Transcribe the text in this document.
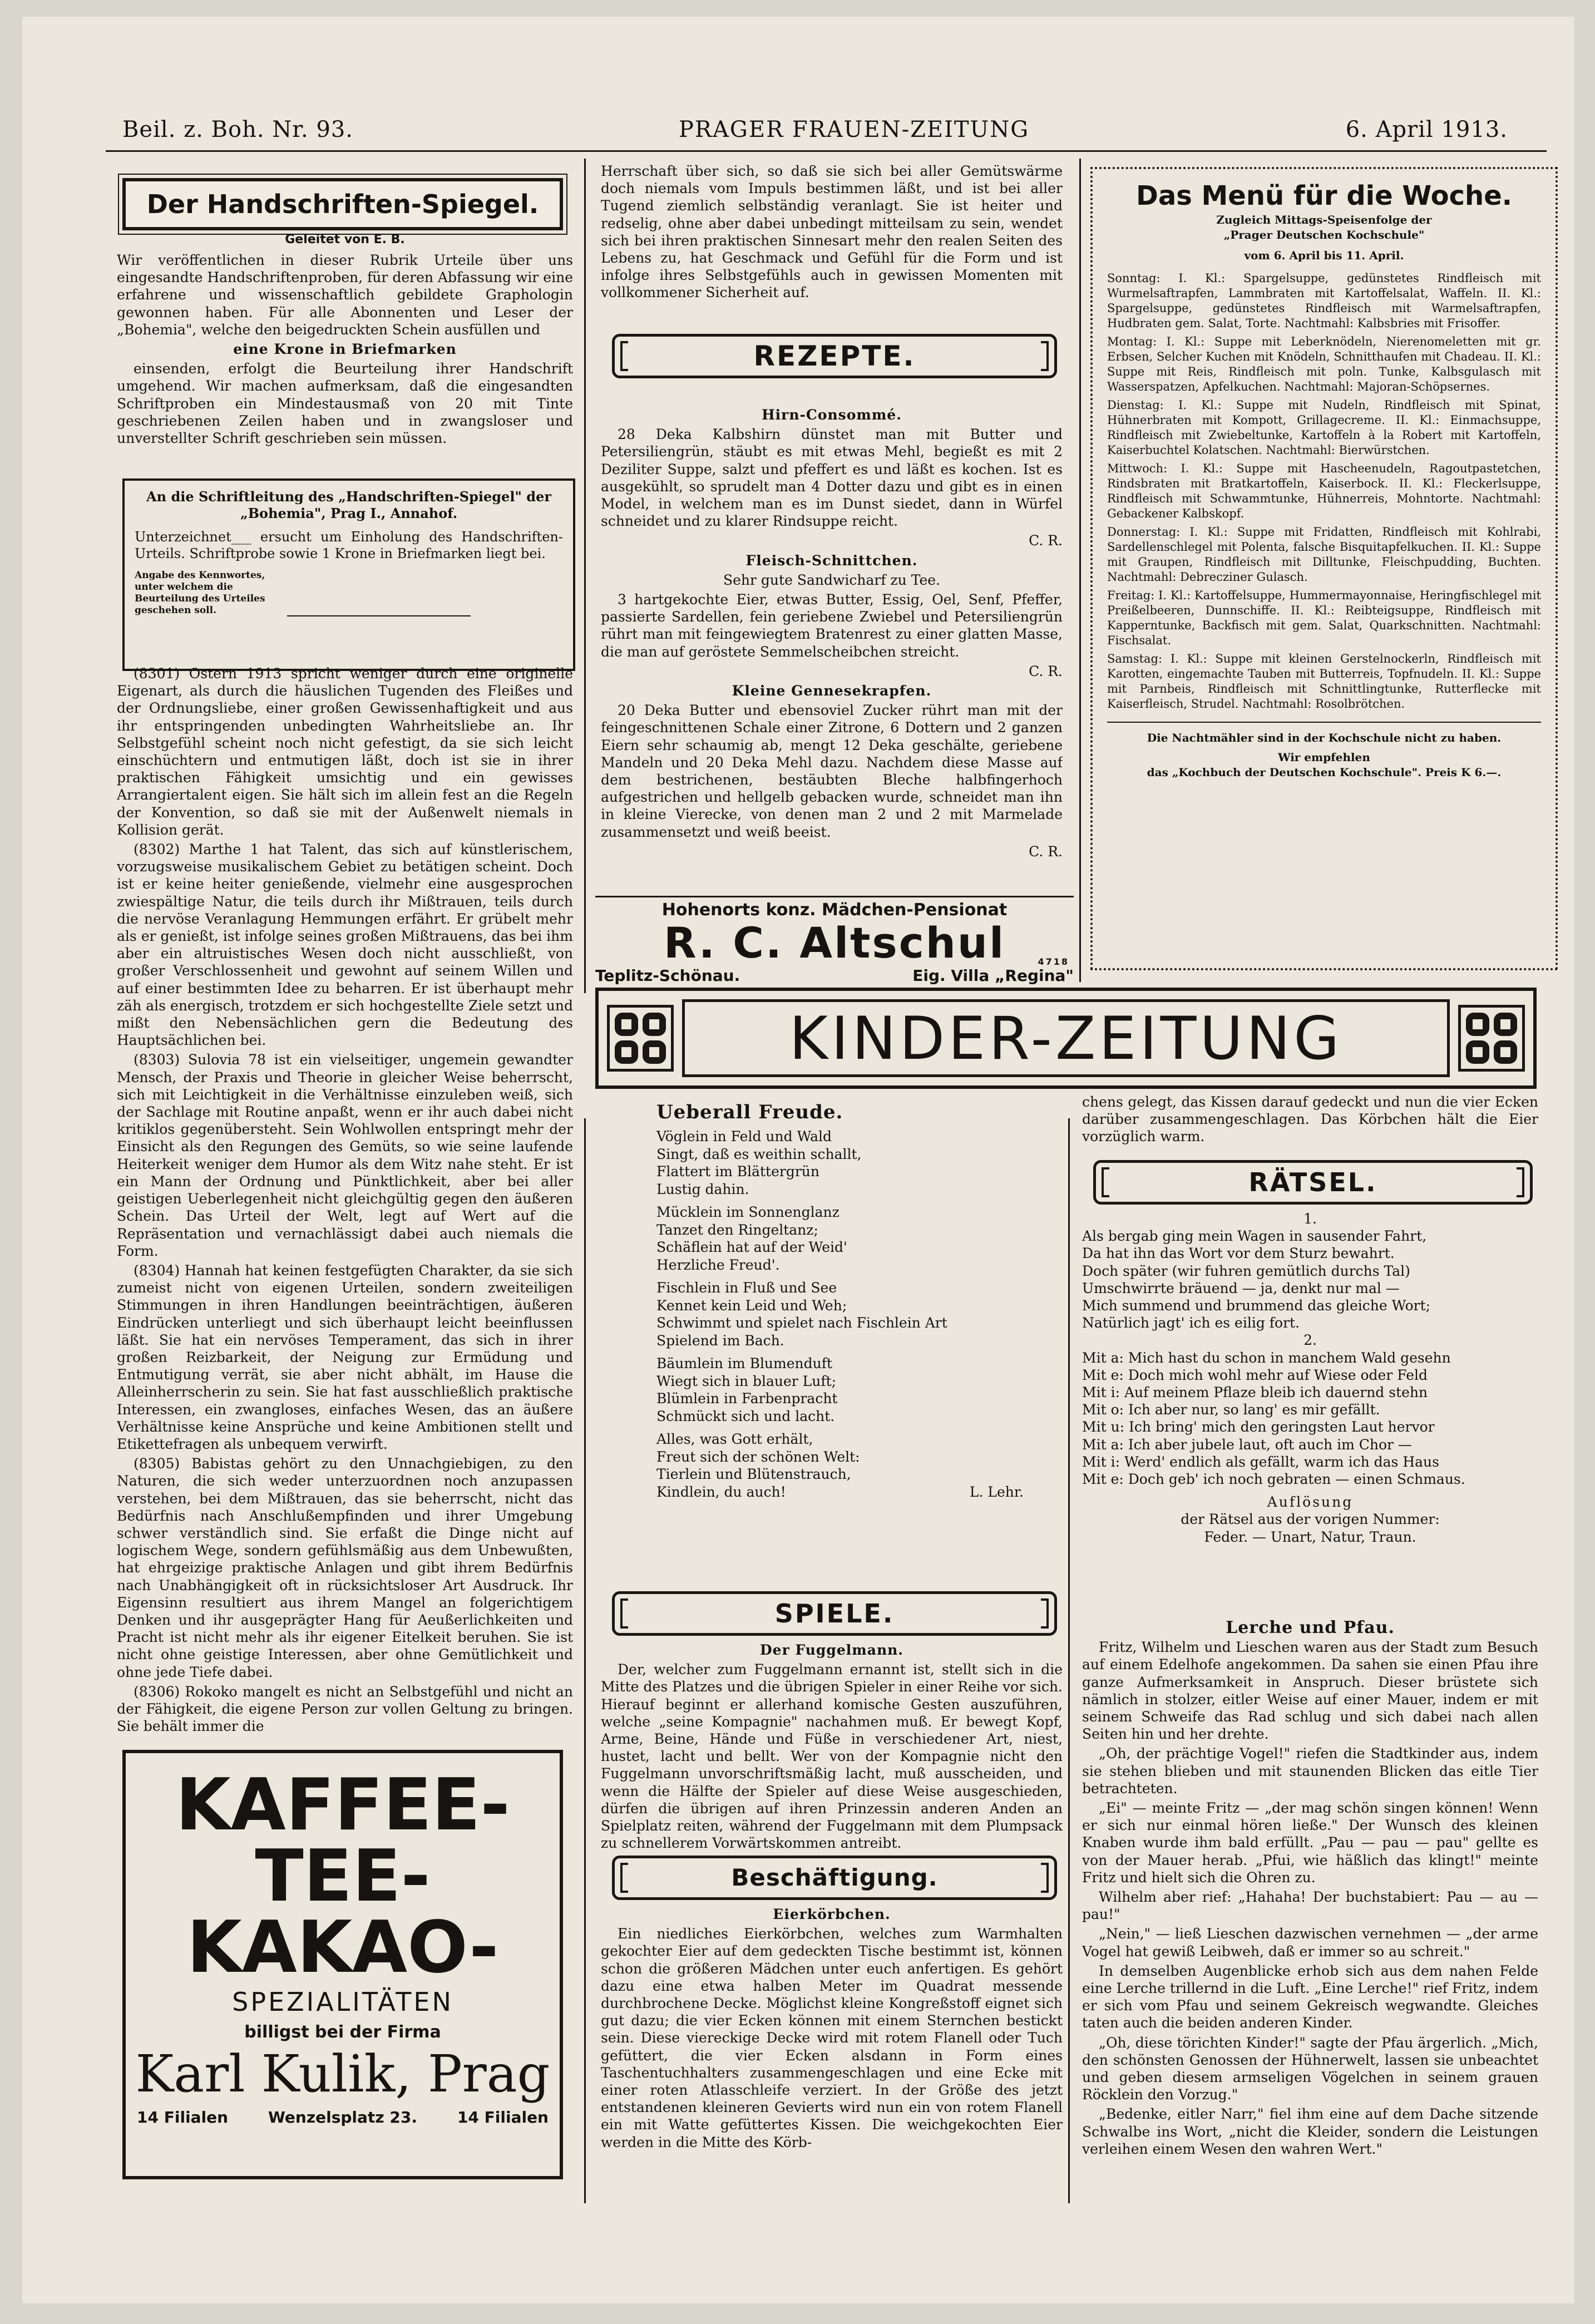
Beil. z. Boh. Nr. 93.	PRAGER FRAUEN-ZEITUNG	6. April 1913.
Der Handschriften-Spiegel.
Geleitet von E. B.

Wir veröffentlichen in dieser Rubrik Urteile über uns eingesandte Handschriftenproben, für deren Abfassung wir eine erfahrene und wissenschaftlich gebildete Graphologin gewonnen haben. Für alle Abonnenten und Leser der „Bohemia", welche den beigedruckten Schein ausfüllen und

eine Krone in Briefmarken

einsenden, erfolgt die Beurteilung ihrer Handschrift umgehend. Wir machen aufmerksam, daß die eingesandten Schriftproben ein Mindestausmaß von 20 mit Tinte geschriebenen Zeilen haben und in zwangsloser und unverstellter Schrift geschrieben sein müssen.

An die Schriftleitung des „Handschriften-Spiegel" der „Bohemia", Prag I., Annahof.
Unterzeichnet___ ersucht um Einholung des Handschriften-Urteils. Schriftprobe sowie 1 Krone in Briefmarken liegt bei.
Angabe des Kennwortes, unter welchem die Beurteilung des Urteiles geschehen soll.

(8301) Ostern 1913 spricht weniger durch eine originelle Eigenart, als durch die häuslichen Tugenden des Fleißes und der Ordnungsliebe, einer großen Gewissenhaftigkeit und aus ihr entspringenden unbedingten Wahrheitsliebe an. Ihr Selbstgefühl scheint noch nicht gefestigt, da sie sich leicht einschüchtern und entmutigen läßt, doch ist sie in ihrer praktischen Fähigkeit umsichtig und ein gewisses Arrangiertalent eigen. Sie hält sich im allein fest an die Regeln der Konvention, so daß sie mit der Außenwelt niemals in Kollision gerät.

(8302) Marthe 1 hat Talent, das sich auf künstlerischem, vorzugsweise musikalischem Gebiet zu betätigen scheint. Doch ist er keine heiter genießende, vielmehr eine ausgesprochen zwiespältige Natur, die teils durch ihr Mißtrauen, teils durch die nervöse Veranlagung Hemmungen erfährt. Er grübelt mehr als er genießt, ist infolge seines großen Mißtrauens, das bei ihm aber ein altruistisches Wesen doch nicht ausschließt, von großer Verschlossenheit und gewohnt auf seinem Willen und auf einer bestimmten Idee zu beharren. Er ist überhaupt mehr zäh als energisch, trotzdem er sich hochgestellte Ziele setzt und mißt den Nebensächlichen gern die Bedeutung des Hauptsächlichen bei.

(8303) Sulovia 78 ist ein vielseitiger, ungemein gewandter Mensch, der Praxis und Theorie in gleicher Weise beherrscht, sich mit Leichtigkeit in die Verhältnisse einzuleben weiß, sich der Sachlage mit Routine anpaßt, wenn er ihr auch dabei nicht kritiklos gegenübersteht. Sein Wohlwollen entspringt mehr der Einsicht als den Regungen des Gemüts, so wie seine laufende Heiterkeit weniger dem Humor als dem Witz nahe steht. Er ist ein Mann der Ordnung und Pünktlichkeit, aber bei aller geistigen Ueberlegenheit nicht gleichgültig gegen den äußeren Schein. Das Urteil der Welt, legt auf Wert auf die Repräsentation und vernachlässigt dabei auch niemals die Form.

(8304) Hannah hat keinen festgefügten Charakter, da sie sich zumeist nicht von eigenen Urteilen, sondern zweiteiligen Stimmungen in ihren Handlungen beeinträchtigen, äußeren Eindrücken unterliegt und sich überhaupt leicht beeinflussen läßt. Sie hat ein nervöses Temperament, das sich in ihrer großen Reizbarkeit, der Neigung zur Ermüdung und Entmutigung verrät, sie aber nicht abhält, im Hause die Alleinherrscherin zu sein. Sie hat fast ausschließlich praktische Interessen, ein zwangloses, einfaches Wesen, das an äußere Verhältnisse keine Ansprüche und keine Ambitionen stellt und Etikettefragen als unbequem verwirft.

(8305) Babistas gehört zu den Unnachgiebigen, zu den Naturen, die sich weder unterzuordnen noch anzupassen verstehen, bei dem Mißtrauen, das sie beherrscht, nicht das Bedürfnis nach Anschlußempfinden und ihrer Umgebung schwer verständlich sind. Sie erfaßt die Dinge nicht auf logischem Wege, sondern gefühlsmäßig aus dem Unbewußten, hat ehrgeizige praktische Anlagen und gibt ihrem Bedürfnis nach Unabhängigkeit oft in rücksichtsloser Art Ausdruck. Ihr Eigensinn resultiert aus ihrem Mangel an folgerichtigem Denken und ihr ausgeprägter Hang für Aeußerlichkeiten und Pracht ist nicht mehr als ihr eigener Eitelkeit beruhen. Sie ist nicht ohne geistige Interessen, aber ohne Gemütlichkeit und ohne jede Tiefe dabei.

(8306) Rokoko mangelt es nicht an Selbstgefühl und nicht an der Fähigkeit, die eigene Person zur vollen Geltung zu bringen. Sie behält immer die

KAFFEE-
TEE-
KAKAO-
SPEZIALITÄTEN
billigst bei der Firma
Karl Kulik, Prag
14 Filialen	Wenzelsplatz 23.	14 Filialen

Herrschaft über sich, so daß sie sich bei aller Gemütswärme doch niemals vom Impuls bestimmen läßt, und ist bei aller Tugend ziemlich selbständig veranlagt. Sie ist heiter und redselig, ohne aber dabei unbedingt mitteilsam zu sein, wendet sich bei ihren praktischen Sinnesart mehr den realen Seiten des Lebens zu, hat Geschmack und Gefühl für die Form und ist infolge ihres Selbstgefühls auch in gewissen Momenten mit vollkommener Sicherheit auf.

REZEPTE.

Hirn-Consommé.

28 Deka Kalbshirn dünstet man mit Butter und Petersiliengrün, stäubt es mit etwas Mehl, begießt es mit 2 Deziliter Suppe, salzt und pfeffert es und läßt es kochen. Ist es ausgekühlt, so sprudelt man 4 Dotter dazu und gibt es in einen Model, in welchem man es im Dunst siedet, dann in Würfel schneidet und zu klarer Rindsuppe reicht.

C. R.

Fleisch-Schnittchen.

Sehr gute Sandwicharf zu Tee.

3 hartgekochte Eier, etwas Butter, Essig, Oel, Senf, Pfeffer, passierte Sardellen, fein geriebene Zwiebel und Petersiliengrün rührt man mit feingewiegtem Bratenrest zu einer glatten Masse, die man auf geröstete Semmelscheibchen streicht.

C. R.

Kleine Gennesekrapfen.

20 Deka Butter und ebensoviel Zucker rührt man mit der feingeschnittenen Schale einer Zitrone, 6 Dottern und 2 ganzen Eiern sehr schaumig ab, mengt 12 Deka geschälte, geriebene Mandeln und 20 Deka Mehl dazu. Nachdem diese Masse auf dem bestrichenen, bestäubten Bleche halbfingerhoch aufgestrichen und hellgelb gebacken wurde, schneidet man ihn in kleine Vierecke, von denen man 2 und 2 mit Marmelade zusammensetzt und weiß beeist.

C. R.

Hohenorts konz. Mädchen-Pensionat
R. C. Altschul	4718
Teplitz-Schönau.	Eig. Villa „Regina"
Das Menü für die Woche.
Zugleich Mittags-Speisenfolge der
„Prager Deutschen Kochschule"
vom 6. April bis 11. April.
Sonntag: I. Kl.: Spargelsuppe, gedünstetes Rindfleisch mit Wurmelsaftrapfen, Lammbraten mit Kartoffelsalat, Waffeln. II. Kl.: Spargelsuppe, gedünstetes Rindfleisch mit Warmelsaftrapfen, Hudbraten gem. Salat, Torte. Nachtmahl: Kalbsbries mit Frisoffer.
Montag: I. Kl.: Suppe mit Leberknödeln, Nierenomeletten mit gr. Erbsen, Selcher Kuchen mit Knödeln, Schnitthaufen mit Chadeau. II. Kl.: Suppe mit Reis, Rindfleisch mit poln. Tunke, Kalbsgulasch mit Wasserspatzen, Apfelkuchen. Nachtmahl: Majoran-Schöpsernes.
Dienstag: I. Kl.: Suppe mit Nudeln, Rindfleisch mit Spinat, Hühnerbraten mit Kompott, Grillagecreme. II. Kl.: Einmachsuppe, Rindfleisch mit Zwiebeltunke, Kartoffeln à la Robert mit Kartoffeln, Kaiserbuchtel Kolatschen. Nachtmahl: Bierwürstchen.
Mittwoch: I. Kl.: Suppe mit Hascheenudeln, Ragoutpastetchen, Rindsbraten mit Bratkartoffeln, Kaiserbock. II. Kl.: Fleckerlsuppe, Rindfleisch mit Schwammtunke, Hühnerreis, Mohntorte. Nachtmahl: Gebackener Kalbskopf.
Donnerstag: I. Kl.: Suppe mit Fridatten, Rindfleisch mit Kohlrabi, Sardellenschlegel mit Polenta, falsche Bisquitapfelkuchen. II. Kl.: Suppe mit Graupen, Rindfleisch mit Dilltunke, Fleischpudding, Buchten. Nachtmahl: Debrecziner Gulasch.
Freitag: I. Kl.: Kartoffelsuppe, Hummermayonnaise, Heringfischlegel mit Preißelbeeren, Dunnschiffe. II. Kl.: Reibteigsuppe, Rindfleisch mit Kapperntunke, Backfisch mit gem. Salat, Quarkschnitten. Nachtmahl: Fischsalat.
Samstag: I. Kl.: Suppe mit kleinen Gerstelnockerln, Rindfleisch mit Karotten, eingemachte Tauben mit Butterreis, Topfnudeln. II. Kl.: Suppe mit Parnbeis, Rindfleisch mit Schnittlingtunke, Rutterflecke mit Kaiserfleisch, Strudel. Nachtmahl: Rosolbrötchen.
Die Nachtmähler sind in der Kochschule nicht zu haben.
Wir empfehlen
das „Kochbuch der Deutschen Kochschule". Preis K 6.—.
KINDER-ZEITUNG
Ueberall Freude.
Vöglein in Feld und Wald
Singt, daß es weithin schallt,
Flattert im Blättergrün
Lustig dahin.
Mücklein im Sonnenglanz
Tanzet den Ringeltanz;
Schäflein hat auf der Weid'
Herzliche Freud'.
Fischlein in Fluß und See
Kennet kein Leid und Weh;
Schwimmt und spielet nach Fischlein Art
Spielend im Bach.
Bäumlein im Blumenduft
Wiegt sich in blauer Luft;
Blümlein in Farbenpracht
Schmückt sich und lacht.
Alles, was Gott erhält,
Freut sich der schönen Welt:
Tierlein und Blütenstrauch,
Kindlein, du auch!	L. Lehr.
SPIELE.

Der Fuggelmann.

Der, welcher zum Fuggelmann ernannt ist, stellt sich in die Mitte des Platzes und die übrigen Spieler in einer Reihe vor sich. Hierauf beginnt er allerhand komische Gesten auszuführen, welche „seine Kompagnie" nachahmen muß. Er bewegt Kopf, Arme, Beine, Hände und Füße in verschiedener Art, niest, hustet, lacht und bellt. Wer von der Kompagnie nicht den Fuggelmann unvorschriftsmäßig lacht, muß ausscheiden, und wenn die Hälfte der Spieler auf diese Weise ausgeschieden, dürfen die übrigen auf ihren Prinzessin anderen Anden an Spielplatz reiten, während der Fuggelmann mit dem Plumpsack zu schnellerem Vorwärtskommen antreibt.

Beschäftigung.

Eierkörbchen.

Ein niedliches Eierkörbchen, welches zum Warmhalten gekochter Eier auf dem gedeckten Tische bestimmt ist, können schon die größeren Mädchen unter euch anfertigen. Es gehört dazu eine etwa halben Meter im Quadrat messende durchbrochene Decke. Möglichst kleine Kongreßstoff eignet sich gut dazu; die vier Ecken können mit einem Sternchen bestickt sein. Diese viereckige Decke wird mit rotem Flanell oder Tuch gefüttert, die vier Ecken alsdann in Form eines Taschentuchhalters zusammengeschlagen und eine Ecke mit einer roten Atlasschleife verziert. In der Größe des jetzt entstandenen kleineren Gevierts wird nun ein von rotem Flanell ein mit Watte gefüttertes Kissen. Die weichgekochten Eier werden in die Mitte des Körb-

chens gelegt, das Kissen darauf gedeckt und nun die vier Ecken darüber zusammengeschlagen. Das Körbchen hält die Eier vorzüglich warm.

RÄTSEL.
1.
Als bergab ging mein Wagen in sausender Fahrt,
Da hat ihn das Wort vor dem Sturz bewahrt.
Doch später (wir fuhren gemütlich durchs Tal)
Umschwirrte bräuend — ja, denkt nur mal —
Mich summend und brummend das gleiche Wort;
Natürlich jagt' ich es eilig fort.
2.
Mit a: Mich hast du schon in manchem Wald gesehn
Mit e: Doch mich wohl mehr auf Wiese oder Feld
Mit i: Auf meinem Pflaze bleib ich dauernd stehn
Mit o: Ich aber nur, so lang' es mir gefällt.
Mit u: Ich bring' mich den geringsten Laut hervor
Mit a: Ich aber jubele laut, oft auch im Chor —
Mit i: Werd' endlich als gefällt, warm ich das Haus
Mit e: Doch geb' ich noch gebraten — einen Schmaus.
Auflösung
der Rätsel aus der vorigen Nummer:
Feder. — Unart, Natur, Traun.

Lerche und Pfau.

Fritz, Wilhelm und Lieschen waren aus der Stadt zum Besuch auf einem Edelhofe angekommen. Da sahen sie einen Pfau ihre ganze Aufmerksamkeit in Anspruch. Dieser brüstete sich nämlich in stolzer, eitler Weise auf einer Mauer, indem er mit seinem Schweife das Rad schlug und sich dabei nach allen Seiten hin und her drehte.

„Oh, der prächtige Vogel!" riefen die Stadtkinder aus, indem sie stehen blieben und mit staunenden Blicken das eitle Tier betrachteten.

„Ei" — meinte Fritz — „der mag schön singen können! Wenn er sich nur einmal hören ließe." Der Wunsch des kleinen Knaben wurde ihm bald erfüllt. „Pau — pau — pau" gellte es von der Mauer herab. „Pfui, wie häßlich das klingt!" meinte Fritz und hielt sich die Ohren zu.

Wilhelm aber rief: „Hahaha! Der buchstabiert: Pau — au — pau!"

„Nein," — ließ Lieschen dazwischen vernehmen — „der arme Vogel hat gewiß Leibweh, daß er immer so au schreit."

In demselben Augenblicke erhob sich aus dem nahen Felde eine Lerche trillernd in die Luft. „Eine Lerche!" rief Fritz, indem er sich vom Pfau und seinem Gekreisch wegwandte. Gleiches taten auch die beiden anderen Kinder.

„Oh, diese törichten Kinder!" sagte der Pfau ärgerlich. „Mich, den schönsten Genossen der Hühnerwelt, lassen sie unbeachtet und geben diesem armseligen Vögelchen in seinem grauen Röcklein den Vorzug."

„Bedenke, eitler Narr," fiel ihm eine auf dem Dache sitzende Schwalbe ins Wort, „nicht die Kleider, sondern die Leistungen verleihen einem Wesen den wahren Wert."
